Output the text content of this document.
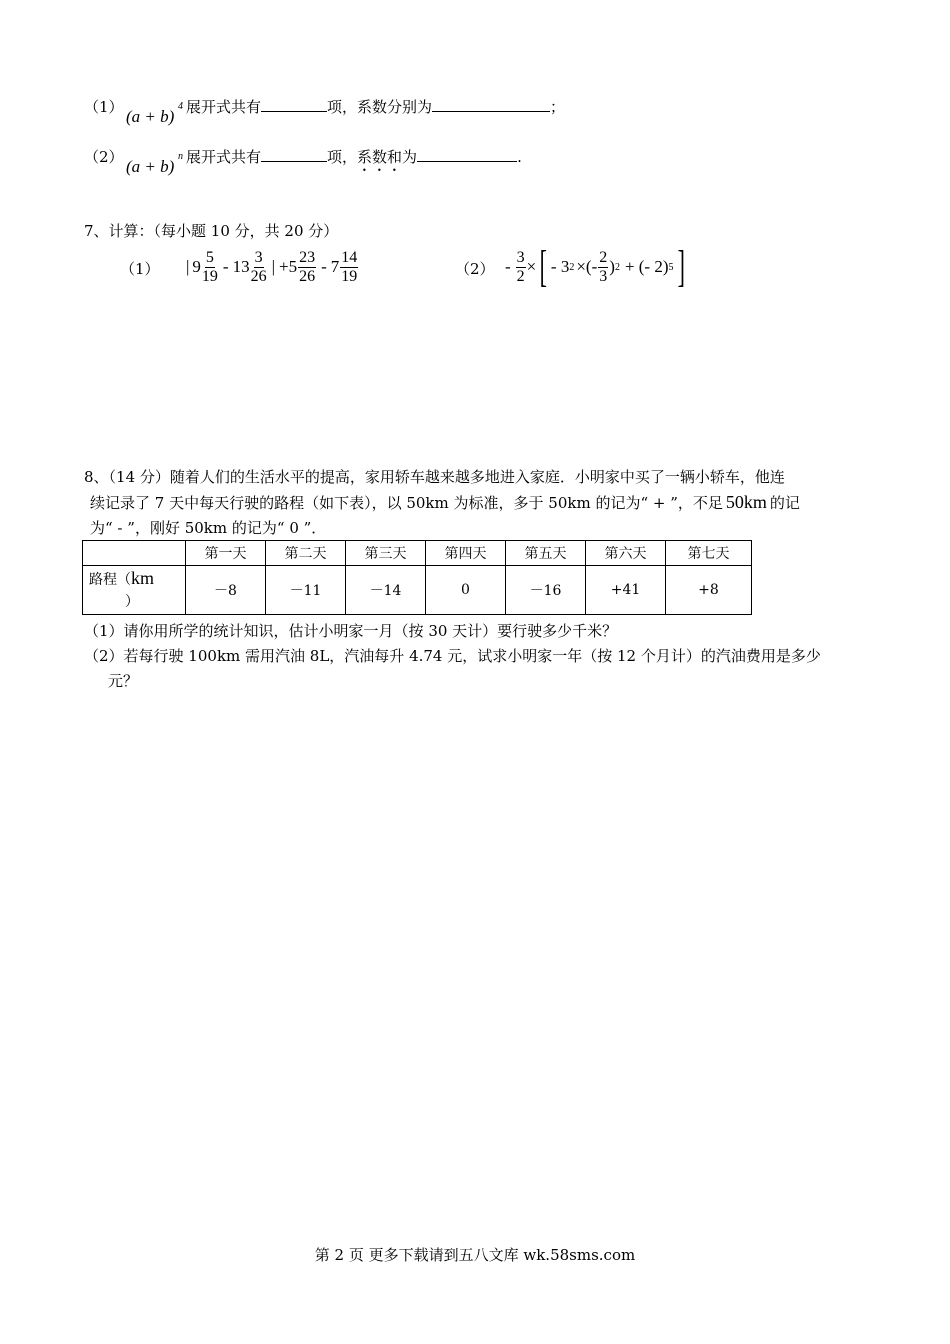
（1） (a + b)
4 展开式共有	项，系数分别为	；
（2） (a + b)
n 展开式共有	项，系数和为	.
7、计算：（每小题 10 分，共 20 分）
（1） | $9 \frac{5}{19} - 13 \frac{3}{26}$ | $+5 \frac{23}{26} - 7 \frac{14}{19}$	$(2) - \frac{3}{2}$ × [ - 3 2 ×(- $\frac{2}{3}$ ) 2 + (- 2) 5 ]
8、（14 分）随着人们的生活水平的提高，家用轿车越来越多地进入家庭．小明家中买了一辆小轿车，他连
续记录了 7 天中每天行驶的路程（如下表），以 50km 为标准，多于 50km 的记为“ + ”，不足 50km 的记
为“ - ”，刚好 50km 的记为“ 0 ”．
	第一天	第二天	第三天	第四天	第五天	第六天	第七天
路程（km
）	－8	－11	－14	0	－16	+41	+8
（1）请你用所学的统计知识，估计小明家一月（按 30 天计）要行驶多少千米？
（2）若每行驶 100km 需用汽油 8L，汽油每升 4.74 元，试求小明家一年（按 12 个月计）的汽油费用是多少
元？
第 2 页 更多下载请到五八文库 wk.58sms.com
